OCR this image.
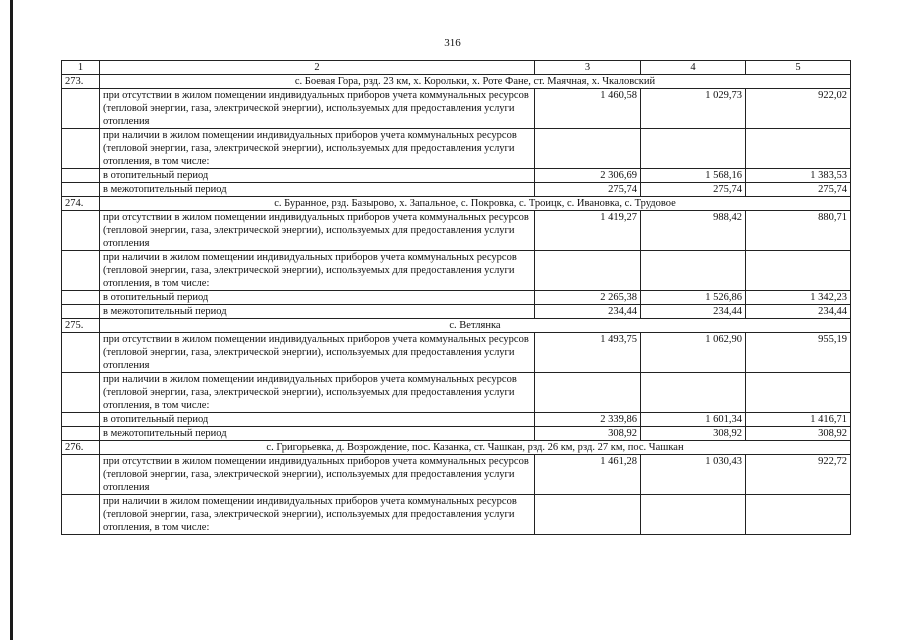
316
1	2	3	4	5
273.	с. Боевая Гора, рзд. 23 км, х. Корольки, х. Роте Фане, ст. Маячная, х. Чкаловский			
	при отсутствии в жилом помещении индивидуальных приборов учета коммунальных ресурсов (тепловой энергии, газа, электрической энергии), используемых для предоставления услуги отопления	1 460,58	1 029,73	922,02
	при наличии в жилом помещении индивидуальных приборов учета коммунальных ресурсов (тепловой энергии, газа, электрической энергии), используемых для предоставления услуги отопления, в том числе:			
	в отопительный период	2 306,69	1 568,16	1 383,53
	в межотопительный период	275,74	275,74	275,74
274.	с. Буранное, рзд. Базырово, х. Запальное, с. Покровка, с. Троицк, с. Ивановка, с. Трудовое			
	при отсутствии в жилом помещении индивидуальных приборов учета коммунальных ресурсов (тепловой энергии, газа, электрической энергии), используемых для предоставления услуги отопления	1 419,27	988,42	880,71
	при наличии в жилом помещении индивидуальных приборов учета коммунальных ресурсов (тепловой энергии, газа, электрической энергии), используемых для предоставления услуги отопления, в том числе:			
	в отопительный период	2 265,38	1 526,86	1 342,23
	в межотопительный период	234,44	234,44	234,44
275.	с. Ветлянка			
	при отсутствии в жилом помещении индивидуальных приборов учета коммунальных ресурсов (тепловой энергии, газа, электрической энергии), используемых для предоставления услуги отопления	1 493,75	1 062,90	955,19
	при наличии в жилом помещении индивидуальных приборов учета коммунальных ресурсов (тепловой энергии, газа, электрической энергии), используемых для предоставления услуги отопления, в том числе:			
	в отопительный период	2 339,86	1 601,34	1 416,71
	в межотопительный период	308,92	308,92	308,92
276.	с. Григорьевка, д. Возрождение, пос. Казанка, ст. Чашкан, рзд. 26 км, рзд. 27 км, пос. Чашкан			
	при отсутствии в жилом помещении индивидуальных приборов учета коммунальных ресурсов (тепловой энергии, газа, электрической энергии), используемых для предоставления услуги отопления	1 461,28	1 030,43	922,72
	при наличии в жилом помещении индивидуальных приборов учета коммунальных ресурсов (тепловой энергии, газа, электрической энергии), используемых для предоставления услуги отопления, в том числе:			
